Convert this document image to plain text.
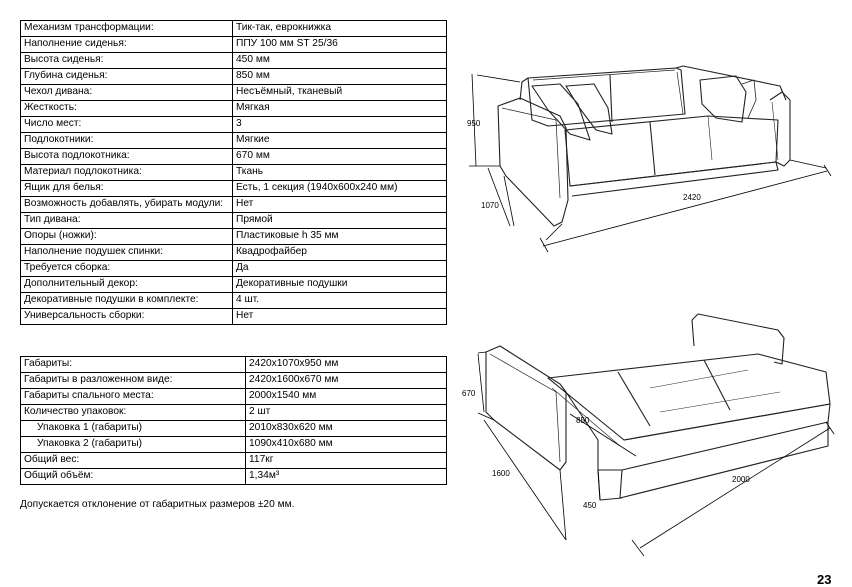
Механизм трансформации:	Тик-так, еврокнижка
Наполнение сиденья:	ППУ 100 мм ST 25/36
Высота сиденья:	450 мм
Глубина сиденья:	850 мм
Чехол дивана:	Несъёмный, тканевый
Жесткость:	Мягкая
Число мест:	3
Подлокотники:	Мягкие
Высота подлокотника:	670 мм
Материал подлокотника:	Ткань
Ящик для белья:	Есть, 1 секция (1940х600х240 мм)
Возможность добавлять, убирать модули:	Нет
Тип дивана:	Прямой
Опоры (ножки):	Пластиковые h 35 мм
Наполнение подушек спинки:	Квадрофайбер
Требуется сборка:	Да
Дополнительный декор:	Декоративные подушки
Декоративные подушки в комплекте:	4 шт.
Универсальность сборки:	Нет
Габариты:	2420х1070х950 мм
Габариты в разложенном виде:	2420х1600х670 мм
Габариты спального места:	2000х1540 мм
Количество упаковок:	2 шт
Упаковка 1 (габариты)	2010х830х620 мм
Упаковка 2 (габариты)	1090х410х680 мм
Общий вес:	117кг
Общий объём:	1,34м³
Допускается отклонение от габаритных размеров ±20 мм.
950
1070
2420
670
850
1600
2000
450
23
